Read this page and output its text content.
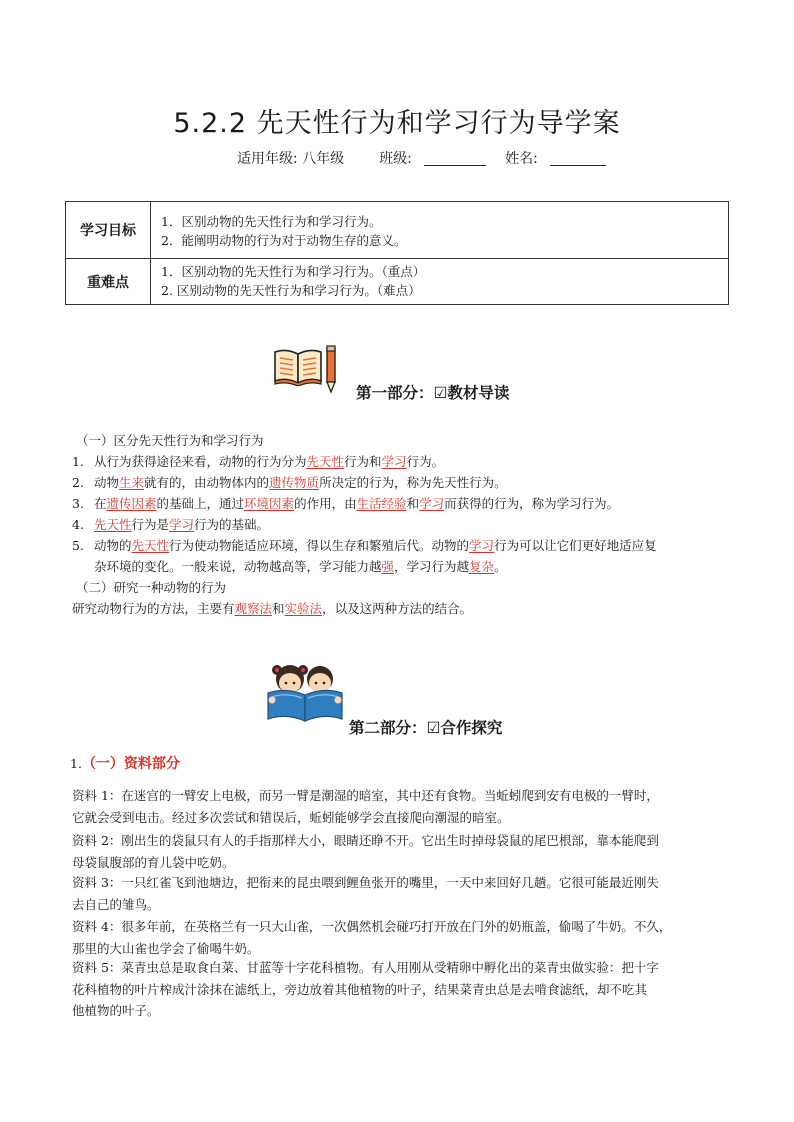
5.2.2 先天性行为和学习行为导学案
适用年级: 八年级 班级:	姓名:
学习目标	1．区别动物的先天性行为和学习行为。
2．能阐明动物的行为对于动物生存的意义。

重难点	1．区别动物的先天性行为和学习行为。（重点）
2. 区别动物的先天性行为和学习行为。（难点）
第一部分：☑教材导读
（一）区分先天性行为和学习行为
1. 从行为获得途径来看，动物的行为分为先天性行为和学习行为。
2. 动物生来就有的，由动物体内的遗传物质所决定的行为，称为先天性行为。
3. 在遗传因素的基础上，通过环境因素的作用，由生活经验和学习而获得的行为，称为学习行为。
4. 先天性行为是学习行为的基础。
5. 动物的先天性行为使动物能适应环境，得以生存和繁殖后代。动物的学习行为可以让它们更好地适应复
杂环境的变化。一般来说，动物越高等，学习能力越强，学习行为越复杂。
（二）研究一种动物的行为
研究动物行为的方法，主要有观察法和实验法，以及这两种方法的结合。
第二部分：☑合作探究
1.（一）资料部分

资料 1：在迷宫的一臂安上电极，而另一臂是潮湿的暗室，其中还有食物。当蚯蚓爬到安有电极的一臂时，

它就会受到电击。经过多次尝试和错误后，蚯蚓能够学会直接爬向潮湿的暗室。

资料 2：刚出生的袋鼠只有人的手指那样大小，眼睛还睁不开。它出生时掉母袋鼠的尾巴根部，靠本能爬到

母袋鼠腹部的育儿袋中吃奶。

资料 3：一只红雀飞到池塘边，把衔来的昆虫喂到鲤鱼张开的嘴里，一天中来回好几趟。它很可能最近刚失

去自己的雏鸟。

资料 4：很多年前，在英格兰有一只大山雀，一次偶然机会碰巧打开放在门外的奶瓶盖，偷喝了牛奶。不久，

那里的大山雀也学会了偷喝牛奶。

资料 5：菜青虫总是取食白菜、甘蓝等十字花科植物。有人用刚从受精卵中孵化出的菜青虫做实验：把十字

花科植物的叶片榨成汁涂抹在滤纸上，旁边放着其他植物的叶子，结果菜青虫总是去啃食滤纸，却不吃其

他植物的叶子。
